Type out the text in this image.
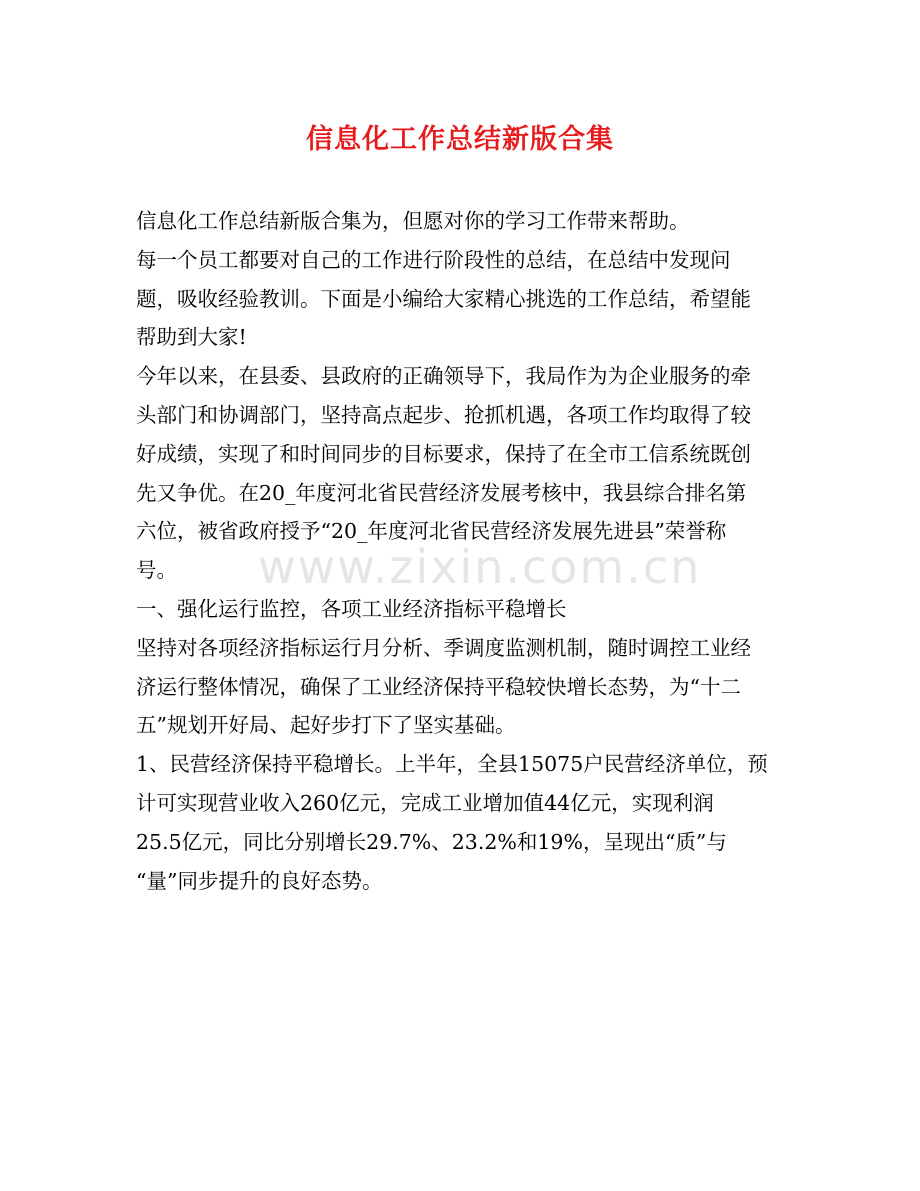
信息化工作总结新版合集
www.zixin.com.cn
信息化工作总结新版合集为，但愿对你的学习工作带来帮助。
每一个员工都要对自己的工作进行阶段性的总结，在总结中发现问
题，吸收经验教训。下面是小编给大家精心挑选的工作总结，希望能
帮助到大家!
今年以来，在县委、县政府的正确领导下，我局作为为企业服务的牵
头部门和协调部门，坚持高点起步、抢抓机遇，各项工作均取得了较
好成绩，实现了和时间同步的目标要求，保持了在全市工信系统既创
先又争优。在20_年度河北省民营经济发展考核中，我县综合排名第
六位，被省政府授予“20_年度河北省民营经济发展先进县”荣誉称
号。
一、强化运行监控，各项工业经济指标平稳增长
坚持对各项经济指标运行月分析、季调度监测机制，随时调控工业经
济运行整体情况，确保了工业经济保持平稳较快增长态势，为“十二
五”规划开好局、起好步打下了坚实基础。
1、民营经济保持平稳增长。上半年，全县15075户民营经济单位，预
计可实现营业收入260亿元，完成工业增加值44亿元，实现利润
25.5亿元，同比分别增长29.7%、23.2%和19%，呈现出“质”与
“量”同步提升的良好态势。
